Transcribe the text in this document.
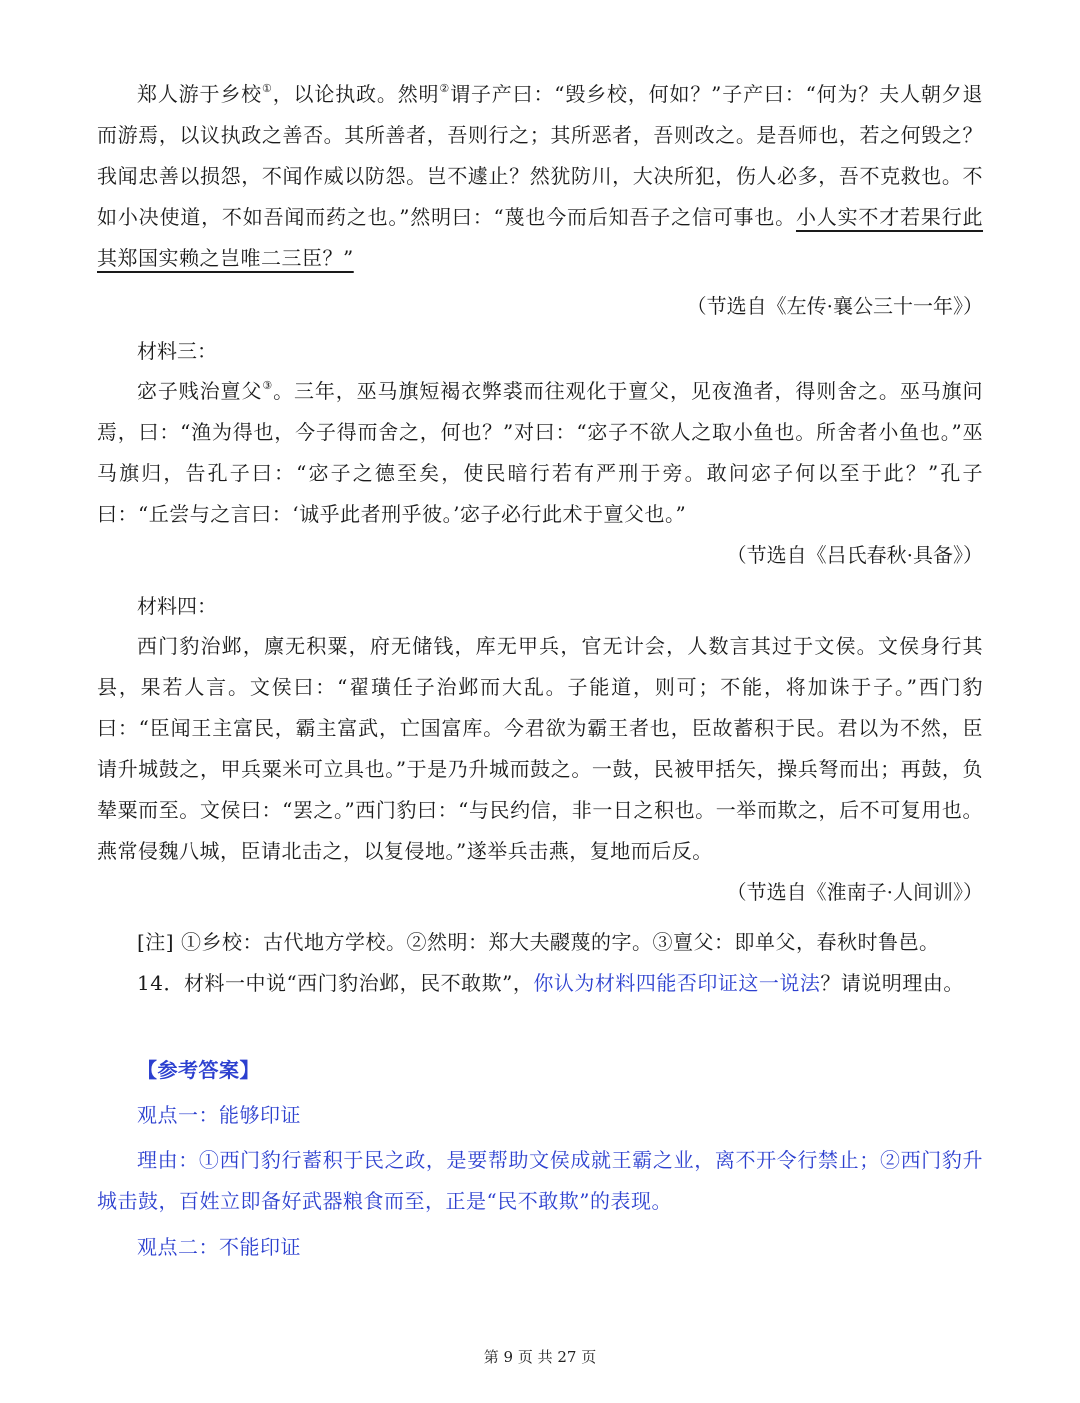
郑人游于乡校①，以论执政。然明②谓子产曰：“毁乡校，何如？”子产曰：“何为？夫人朝夕退而游焉，以议执政之善否。其所善者，吾则行之；其所恶者，吾则改之。是吾师也，若之何毁之？我闻忠善以损怨，不闻作威以防怨。岂不遽止？然犹防川，大决所犯，伤人必多，吾不克救也。不如小决使道，不如吾闻而药之也。”然明曰：“蔑也今而后知吾子之信可事也。小人实不才若果行此其郑国实赖之岂唯二三臣？”

（节选自《左传·襄公三十一年》）

材料三：

宓子贱治亶父③。三年，巫马旗短褐衣弊裘而往观化于亶父，见夜渔者，得则舍之。巫马旗问焉，曰：“渔为得也，今子得而舍之，何也？”对曰：“宓子不欲人之取小鱼也。所舍者小鱼也。”巫马旗归，告孔子曰：“宓子之德至矣，使民暗行若有严刑于旁。敢问宓子何以至于此？”孔子曰：“丘尝与之言曰：‘诚乎此者刑乎彼。’宓子必行此术于亶父也。”

（节选自《吕氏春秋·具备》）

材料四：

西门豹治邺，廪无积粟，府无储钱，库无甲兵，官无计会，人数言其过于文侯。文侯身行其县，果若人言。文侯曰：“翟璜任子治邺而大乱。子能道，则可；不能，将加诛于子。”西门豹曰：“臣闻王主富民，霸主富武，亡国富库。今君欲为霸王者也，臣故蓄积于民。君以为不然，臣请升城鼓之，甲兵粟米可立具也。”于是乃升城而鼓之。一鼓，民被甲括矢，操兵弩而出；再鼓，负辇粟而至。文侯曰：“罢之。”西门豹曰：“与民约信，非一日之积也。一举而欺之，后不可复用也。燕常侵魏八城，臣请北击之，以复侵地。”遂举兵击燕，复地而后反。

（节选自《淮南子·人间训》）

[注] ①乡校：古代地方学校。②然明：郑大夫鬷蔑的字。③亶父：即单父，春秋时鲁邑。

14．材料一中说“西门豹治邺，民不敢欺”，你认为材料四能否印证这一说法？请说明理由。

【参考答案】

观点一：能够印证

理由：①西门豹行蓄积于民之政，是要帮助文侯成就王霸之业，离不开令行禁止；②西门豹升城击鼓，百姓立即备好武器粮食而至，正是“民不敢欺”的表现。

观点二：不能印证

第 9 页 共 27 页
